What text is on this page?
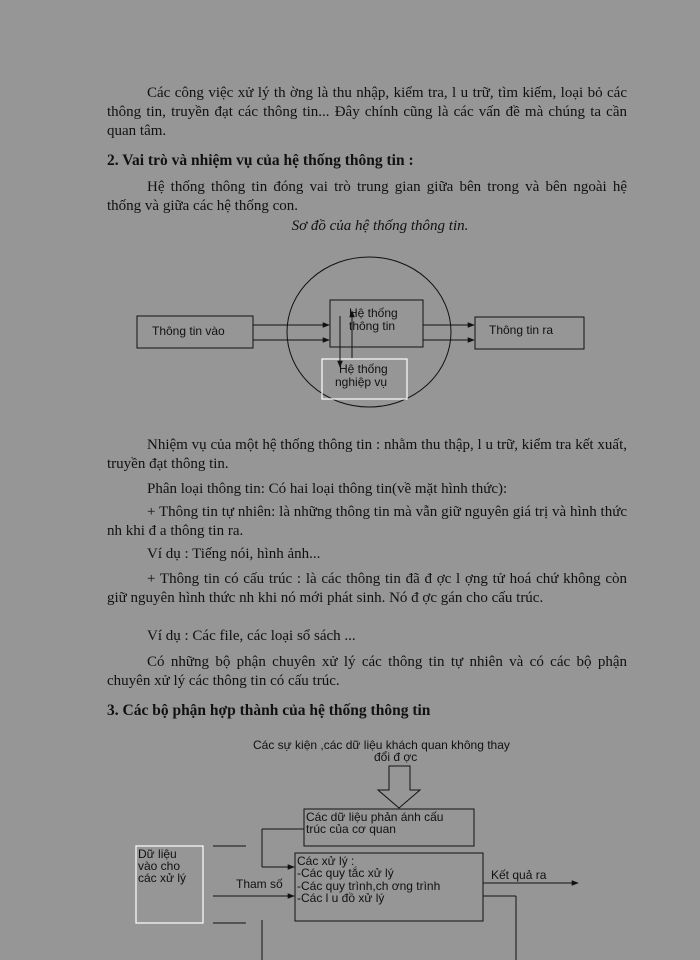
Các công việc xử lý th ờng là thu nhập, kiểm tra, l u trữ, tìm kiếm, loại bỏ các thông tin, truyền đạt các thông tin... Đây chính cũng là các vấn đề mà chúng ta cần quan tâm.

2. Vai trò và nhiệm vụ của hệ thống thông tin :

Hệ thống thông tin đóng vai trò trung gian giữa bên trong và bên ngoài hệ thống và giữa các hệ thống con.

Sơ đồ của hệ thống thông tin.
Thông tin vào
Hệ thống
thông tin	Thông tin ra
Hệ thống
nghiệp vụ

Nhiệm vụ của một hệ thống thông tin : nhằm thu thập, l u trữ, kiểm tra kết xuất, truyền đạt thông tin.

Phân loại thông tin: Có hai loại thông tin(về mặt hình thức):

+ Thông tin tự nhiên: là những thông tin mà vẫn giữ nguyên giá trị và hình thức nh khi đ a thông tin ra.

Ví dụ : Tiếng nói, hình ảnh...

+ Thông tin có cấu trúc : là các thông tin đã đ ợc l ợng tử hoá chứ không còn giữ nguyên hình thức nh khi nó mới phát sinh. Nó đ ợc gán cho cấu trúc.

Ví dụ : Các file, các loại sổ sách ...

Có những bộ phận chuyên xử lý các thông tin tự nhiên và có các bộ phận chuyên xử lý các thông tin có cấu trúc.

3. Các bộ phận hợp thành của hệ thống thông tin

Các sự kiện ,các dữ liệu khách quan không thay
đổi đ ợc
Các dữ liệu phản ánh cấu
trúc của cơ quan
Dữ liệu
vào cho
các xử lý
Các xử lý :
-Các quy tắc xử lý
-Các quy trình,ch ơng trình
-Các l u đồ xử lý
Tham số
Kết quả ra
